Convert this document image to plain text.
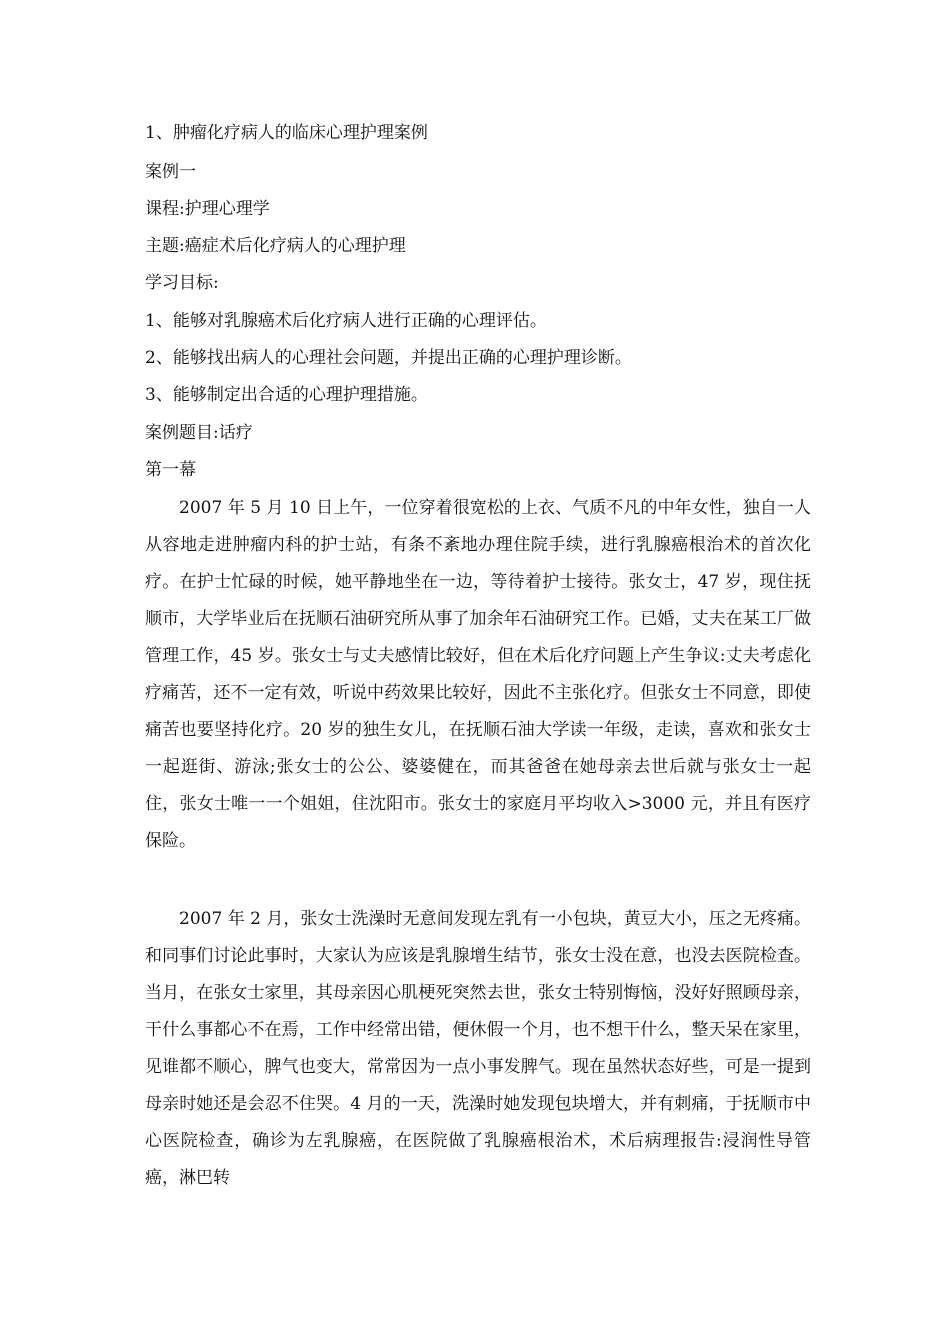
1、肿瘤化疗病人的临床心理护理案例
案例一
课程:护理心理学
主题:癌症术后化疗病人的心理护理
学习目标:
1、能够对乳腺癌术后化疗病人进行正确的心理评估。
2、能够找出病人的心理社会问题，并提出正确的心理护理诊断。
3、能够制定出合适的心理护理措施。
案例题目:话疗
第一幕
2007 年 5 月 10 日上午，一位穿着很宽松的上衣、气质不凡的中年女性，独自一人从容地走进肿瘤内科的护士站，有条不紊地办理住院手续，进行乳腺癌根治术的首次化疗。在护士忙碌的时候，她平静地坐在一边，等待着护士接待。张女士，47 岁，现住抚顺市，大学毕业后在抚顺石油研究所从事了加余年石油研究工作。已婚，丈夫在某工厂做管理工作，45 岁。张女士与丈夫感情比较好，但在术后化疗问题上产生争议:丈夫考虑化疗痛苦，还不一定有效，听说中药效果比较好，因此不主张化疗。但张女士不同意，即使痛苦也要坚持化疗。20 岁的独生女儿，在抚顺石油大学读一年级，走读，喜欢和张女士一起逛街、游泳;张女士的公公、婆婆健在，而其爸爸在她母亲去世后就与张女士一起住，张女士唯一一个姐姐，住沈阳市。张女士的家庭月平均收入>3000 元，并且有医疗保险。
2007 年 2 月，张女士洗澡时无意间发现左乳有一小包块，黄豆大小，压之无疼痛。和同事们讨论此事时，大家认为应该是乳腺增生结节，张女士没在意，也没去医院检查。当月，在张女士家里，其母亲因心肌梗死突然去世，张女士特别悔恼，没好好照顾母亲，干什么事都心不在焉，工作中经常出错，便休假一个月，也不想干什么，整天呆在家里，见谁都不顺心，脾气也变大，常常因为一点小事发脾气。现在虽然状态好些，可是一提到母亲时她还是会忍不住哭。4 月的一天，洗澡时她发现包块增大，并有刺痛，于抚顺市中心医院检查，确诊为左乳腺癌，在医院做了乳腺癌根治术，术后病理报告:浸润性导管癌，淋巴转
